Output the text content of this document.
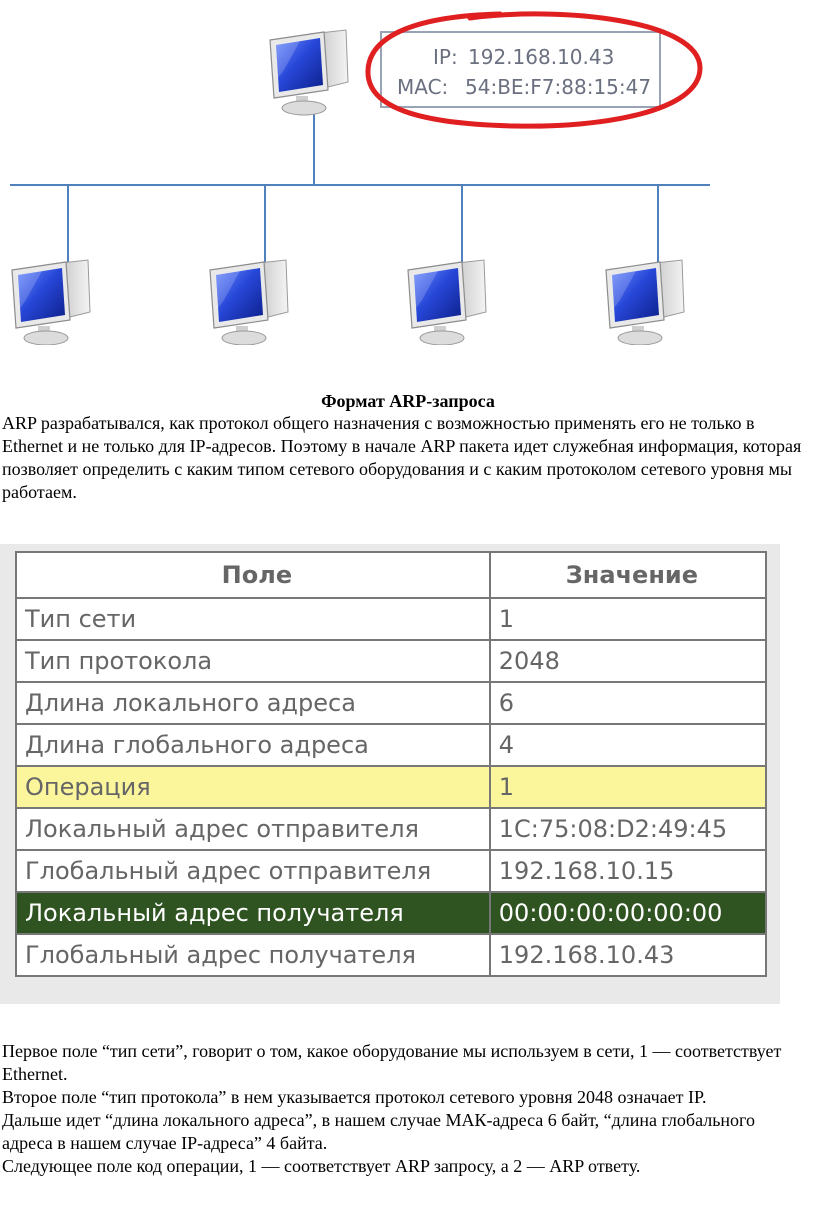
IP: 192.168.10.43
MAC: 54:BE:F7:88:15:47
Формат ARP-запроса
ARP разрабатывался, как протокол общего назначения с возможностью применять его не только в Ethernet и не только для IP-адресов. Поэтому в начале ARP пакета идет служебная информация, которая позволяет определить с каким типом сетевого оборудования и с каким протоколом сетевого уровня мы работаем.
Поле	Значение
Тип сети	1
Тип протокола	2048
Длина локального адреса	6
Длина глобального адреса	4
Операция	1
Локальный адрес отправителя	1C:75:08:D2:49:45
Глобальный адрес отправителя	192.168.10.15
Локальный адрес получателя	00:00:00:00:00:00
Глобальный адрес получателя	192.168.10.43
Первое поле “тип сети”, говорит о том, какое оборудование мы используем в сети, 1 — соответствует Ethernet.
Второе поле “тип протокола” в нем указывается протокол сетевого уровня 2048 означает IP.
Дальше идет “длина локального адреса”, в нашем случае МАК-адреса 6 байт, “длина глобального адреса в нашем случае IP-адреса” 4 байта.
Следующее поле код операции, 1 — соответствует ARP запросу, а 2 — ARP ответу.
